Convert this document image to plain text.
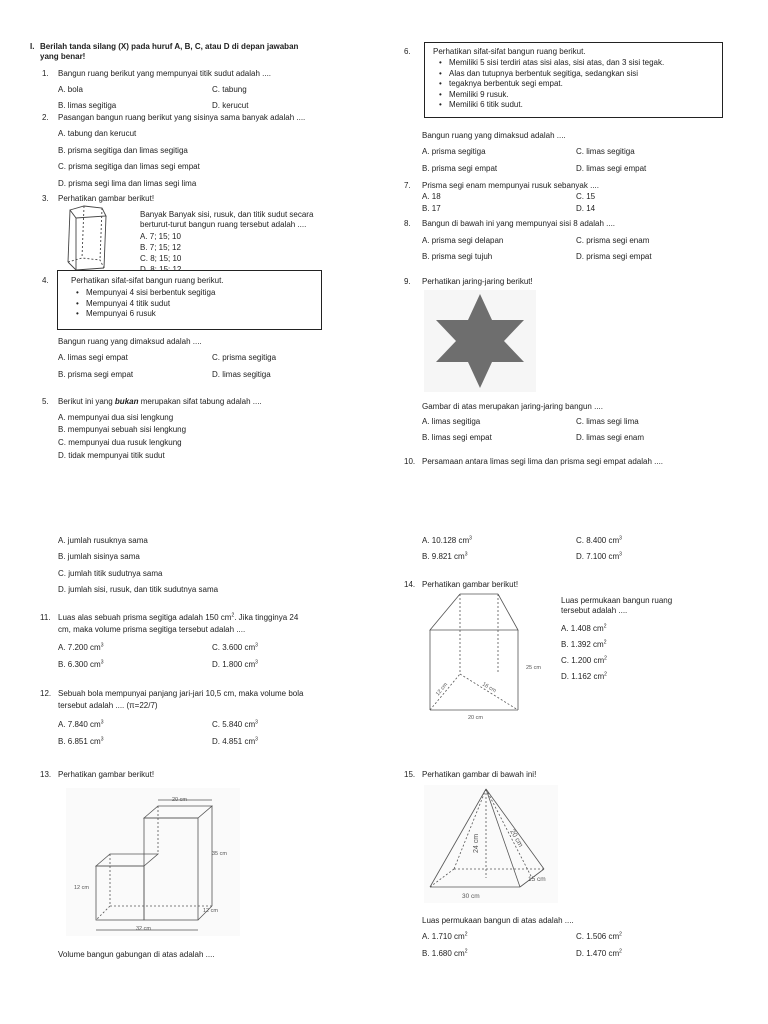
I. Berilah tanda silang (X) pada huruf A, B, C, atau D di depan jawaban
yang benar!
1. Bangun ruang berikut yang mempunyai titik sudut adalah ....
A. bola	C. tabung
B. limas segitiga	D. kerucut
2. Pasangan bangun ruang berikut yang sisinya sama banyak adalah ....
A. tabung dan kerucut
B. prisma segitiga dan limas segitiga
C. prisma segitiga dan limas segi empat
D. prisma segi lima dan limas segi lima
3. Perhatikan gambar berikut!
Banyak Banyak sisi, rusuk, dan titik sudut secara
berturut-turut bangun ruang tersebut adalah ....
A. 7; 15; 10
B. 7; 15; 12
C. 8; 15; 10
4.	Perhatikan sifat-sifat bangun ruang berikut.
• Mempunyai 4 sisi berbentuk segitiga
• Mempunyai 4 titik sudut
• Mempunyai 6 rusuk
Bangun ruang yang dimaksud adalah ....
A. limas segi empat	C. prisma segitiga
B. prisma segi empat	D. limas segitiga
5. Berikut ini yang bukan merupakan sifat tabung adalah ....
A. mempunyai dua sisi lengkung
B. mempunyai sebuah sisi lengkung
C. mempunyai dua rusuk lengkung
D. tidak mempunyai titik sudut
A. jumlah rusuknya sama
B. jumlah sisinya sama
C. jumlah titik sudutnya sama
D. jumlah sisi, rusuk, dan titik sudutnya sama
11. Luas alas sebuah prisma segitiga adalah 150 $cm^2$. Jika tingginya 24
cm, maka volume prisma segitiga tersebut adalah ....
A. 7.200 $cm^3$	C. 3.600 $cm^3$
B. 6.300 $cm^3$	D. 1.800 $cm^3$
12. Sebuah bola mempunyai panjang jari-jari 10,5 cm, maka volume bola
tersebut adalah .... (π=22/7)
A. 7.840 $cm^3$	C. 5.840 $cm^3$
B. 6.851 $cm^3$	D. 4.851 $cm^3$
13. Perhatikan gambar berikut!
20 cm
35 cm
12 cm
12 cm
32 cm
Volume bangun gabungan di atas adalah ....
6.	Perhatikan sifat-sifat bangun ruang berikut.
• Memiliki 5 sisi terdiri atas sisi alas, sisi atas, dan 3 sisi tegak.
• Alas dan tutupnya berbentuk segitiga, sedangkan sisi
• tegaknya berbentuk segi empat.

• Memiliki 9 rusuk.
• Memiliki 6 titik sudut.
Bangun ruang yang dimaksud adalah ....
A. prisma segitiga	C. limas segitiga
B. prisma segi empat	D. limas segi empat
7. Prisma segi enam mempunyai rusuk sebanyak ....
A. 18	C. 15
B. 17	D. 14
8. Bangun di bawah ini yang mempunyai sisi 8 adalah ....
A. prisma segi delapan	C. prisma segi enam
B. prisma segi tujuh	D. prisma segi empat
9. Perhatikan jaring-jaring berikut!
Gambar di atas merupakan jaring-jaring bangun ....
A. limas segitiga	C. limas segi lima
B. limas segi empat	D. limas segi enam
10. Persamaan antara limas segi lima dan prisma segi empat adalah ....
A. 10.128 $cm^3$	C. 8.400 $cm^3$
B. 9.821 $cm^3$	D. 7.100 $cm^3$
14. Perhatikan gambar berikut!
25 cm
12 cm	16 cm
20 cm
Luas permukaan bangun ruang
tersebut adalah ....
A. 1.408 $cm^2$
B. 1.392 $cm^2$
C. 1.200 $cm^2$
D. 1.162 $cm^2$
15. Perhatikan gambar di bawah ini!
24 cm	20 cm
15 cm
30 cm
Luas permukaan bangun di atas adalah ....
A. 1.710 $cm^2$	C. 1.506 $cm^2$
B. 1.680 $cm^2$	D. 1.470 $cm^2$
